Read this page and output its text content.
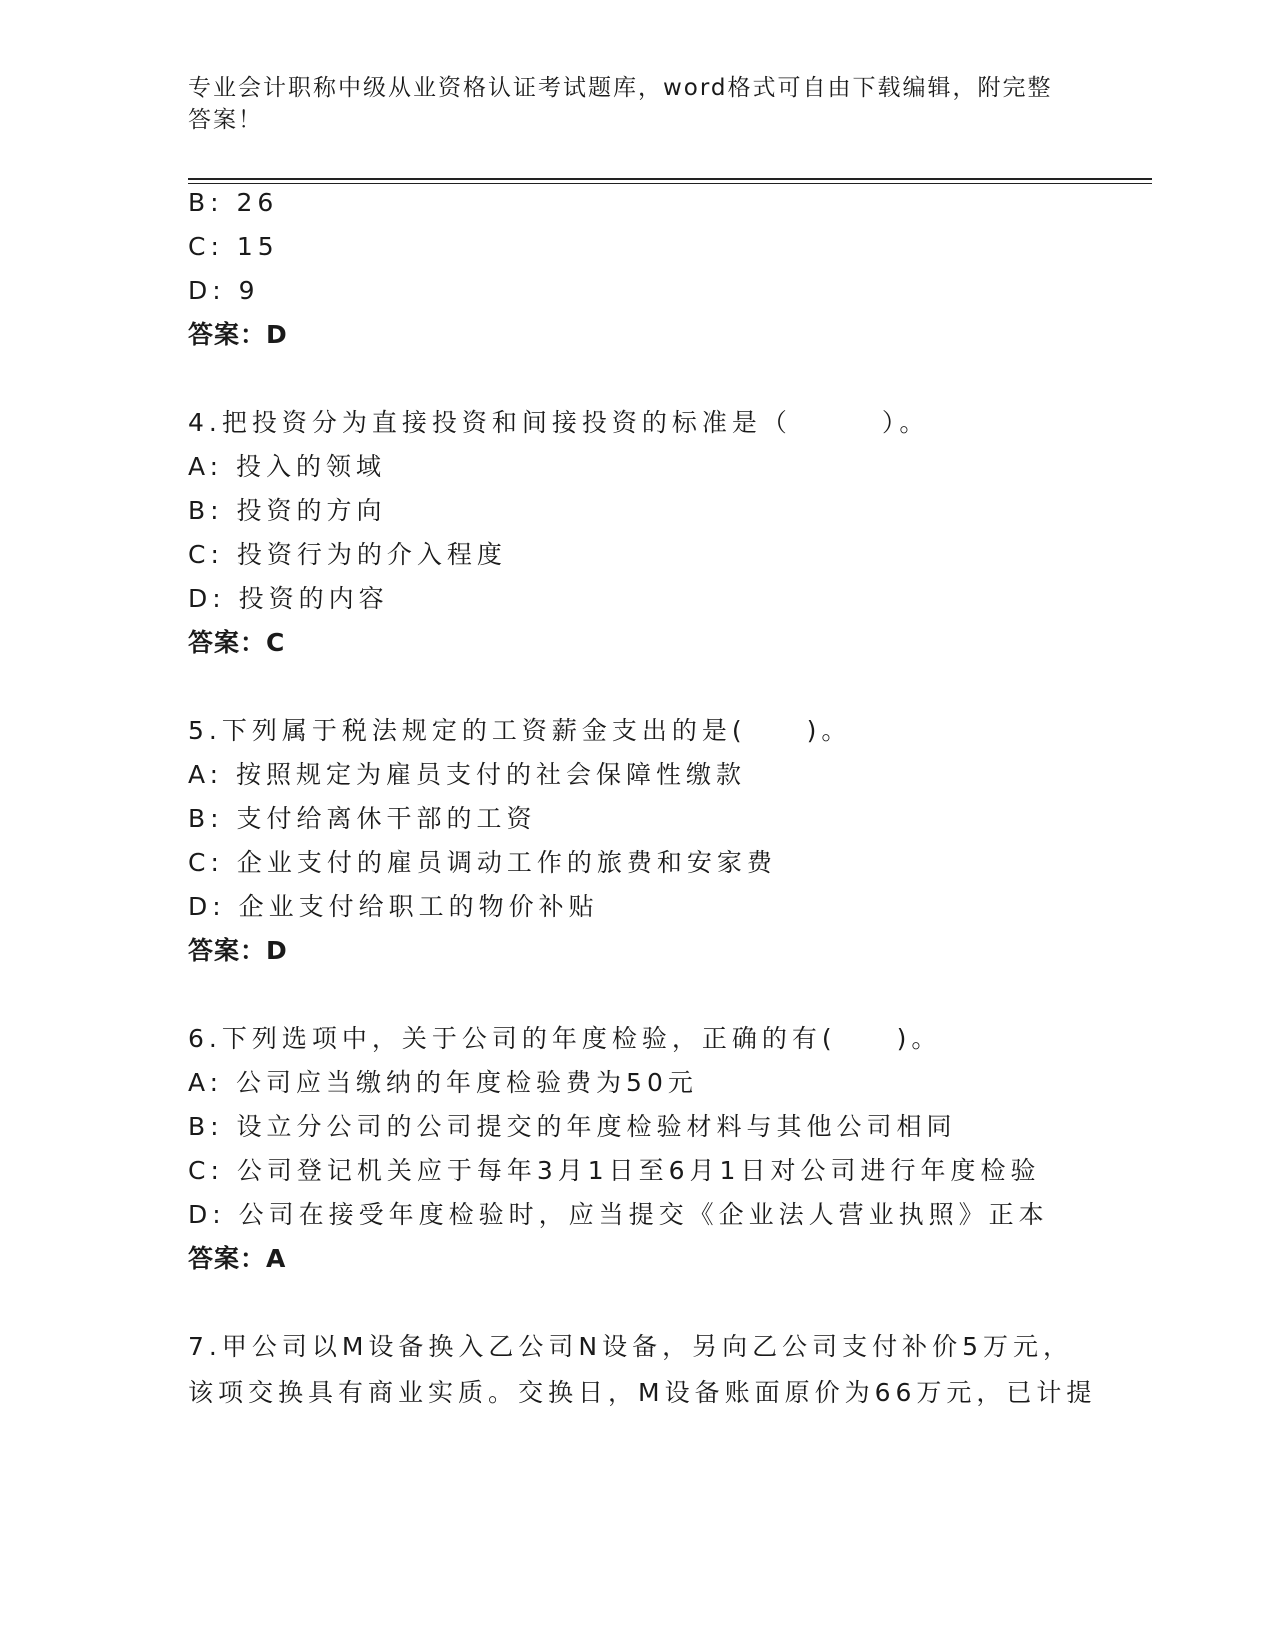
专业会计职称中级从业资格认证考试题库，word格式可自由下载编辑，附完整答案！
B: 26
C: 15
D: 9
答案：D
4.把投资分为直接投资和间接投资的标准是（　　　）。
A: 投入的领域
B: 投资的方向
C: 投资行为的介入程度
D: 投资的内容
答案：C
5.下列属于税法规定的工资薪金支出的是(　　)。
A: 按照规定为雇员支付的社会保障性缴款
B: 支付给离休干部的工资
C: 企业支付的雇员调动工作的旅费和安家费
D: 企业支付给职工的物价补贴
答案：D
6.下列选项中，关于公司的年度检验，正确的有(　　)。
A: 公司应当缴纳的年度检验费为50元
B: 设立分公司的公司提交的年度检验材料与其他公司相同
C: 公司登记机关应于每年3月1日至6月1日对公司进行年度检验
D: 公司在接受年度检验时，应当提交《企业法人营业执照》正本
答案：A
7.甲公司以M设备换入乙公司N设备，另向乙公司支付补价5万元，
该项交换具有商业实质。交换日，M设备账面原价为66万元，已计提
